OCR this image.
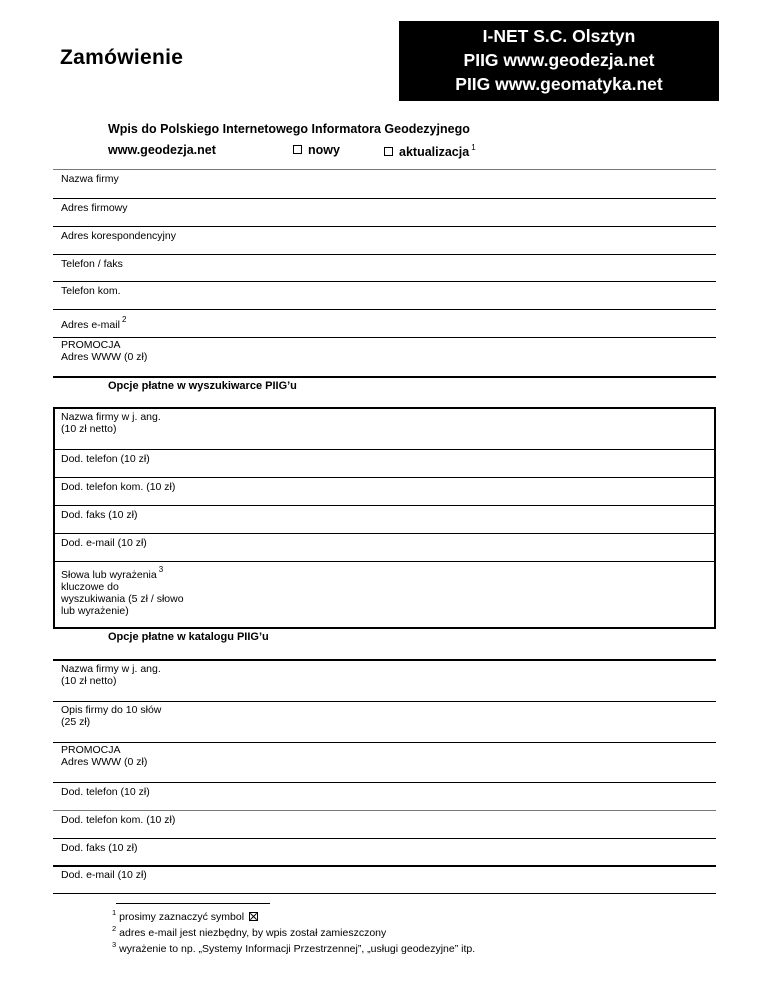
Zamówienie
I-NET S.C. Olsztyn
PIIG www.geodezja.net
PIIG www.geomatyka.net
Wpis do Polskiego Internetowego Informatora Geodezyjnego
www.geodezja.net	nowy	aktualizacja $^1$
Nazwa firmy
Adres firmowy
Adres korespondencyjny
Telefon / faks
Telefon kom.
Adres e-mail $^2$
PROMOCJA
Adres WWW (0 zł)
Opcje płatne w wyszukiwarce PIIG’u
Nazwa firmy w j. ang.
(10 zł netto)
Dod. telefon (10 zł)
Dod. telefon kom. (10 zł)
Dod. faks (10 zł)
Dod. e-mail (10 zł)
Słowa lub wyrażenia $^3$
kluczowe do
wyszukiwania (5 zł / słowo
lub wyrażenie)
Opcje płatne w katalogu PIIG’u
Nazwa firmy w j. ang.
(10 zł netto)
Opis firmy do 10 słów
(25 zł)
PROMOCJA
Adres WWW (0 zł)
Dod. telefon (10 zł)
Dod. telefon kom. (10 zł)
Dod. faks (10 zł)
Dod. e-mail (10 zł)
$^1$ prosimy zaznaczyć symbol
$^2$ adres e-mail jest niezbędny, by wpis został zamieszczony
$^3$ wyrażenie to np. „Systemy Informacji Przestrzennej”, „usługi geodezyjne” itp.
